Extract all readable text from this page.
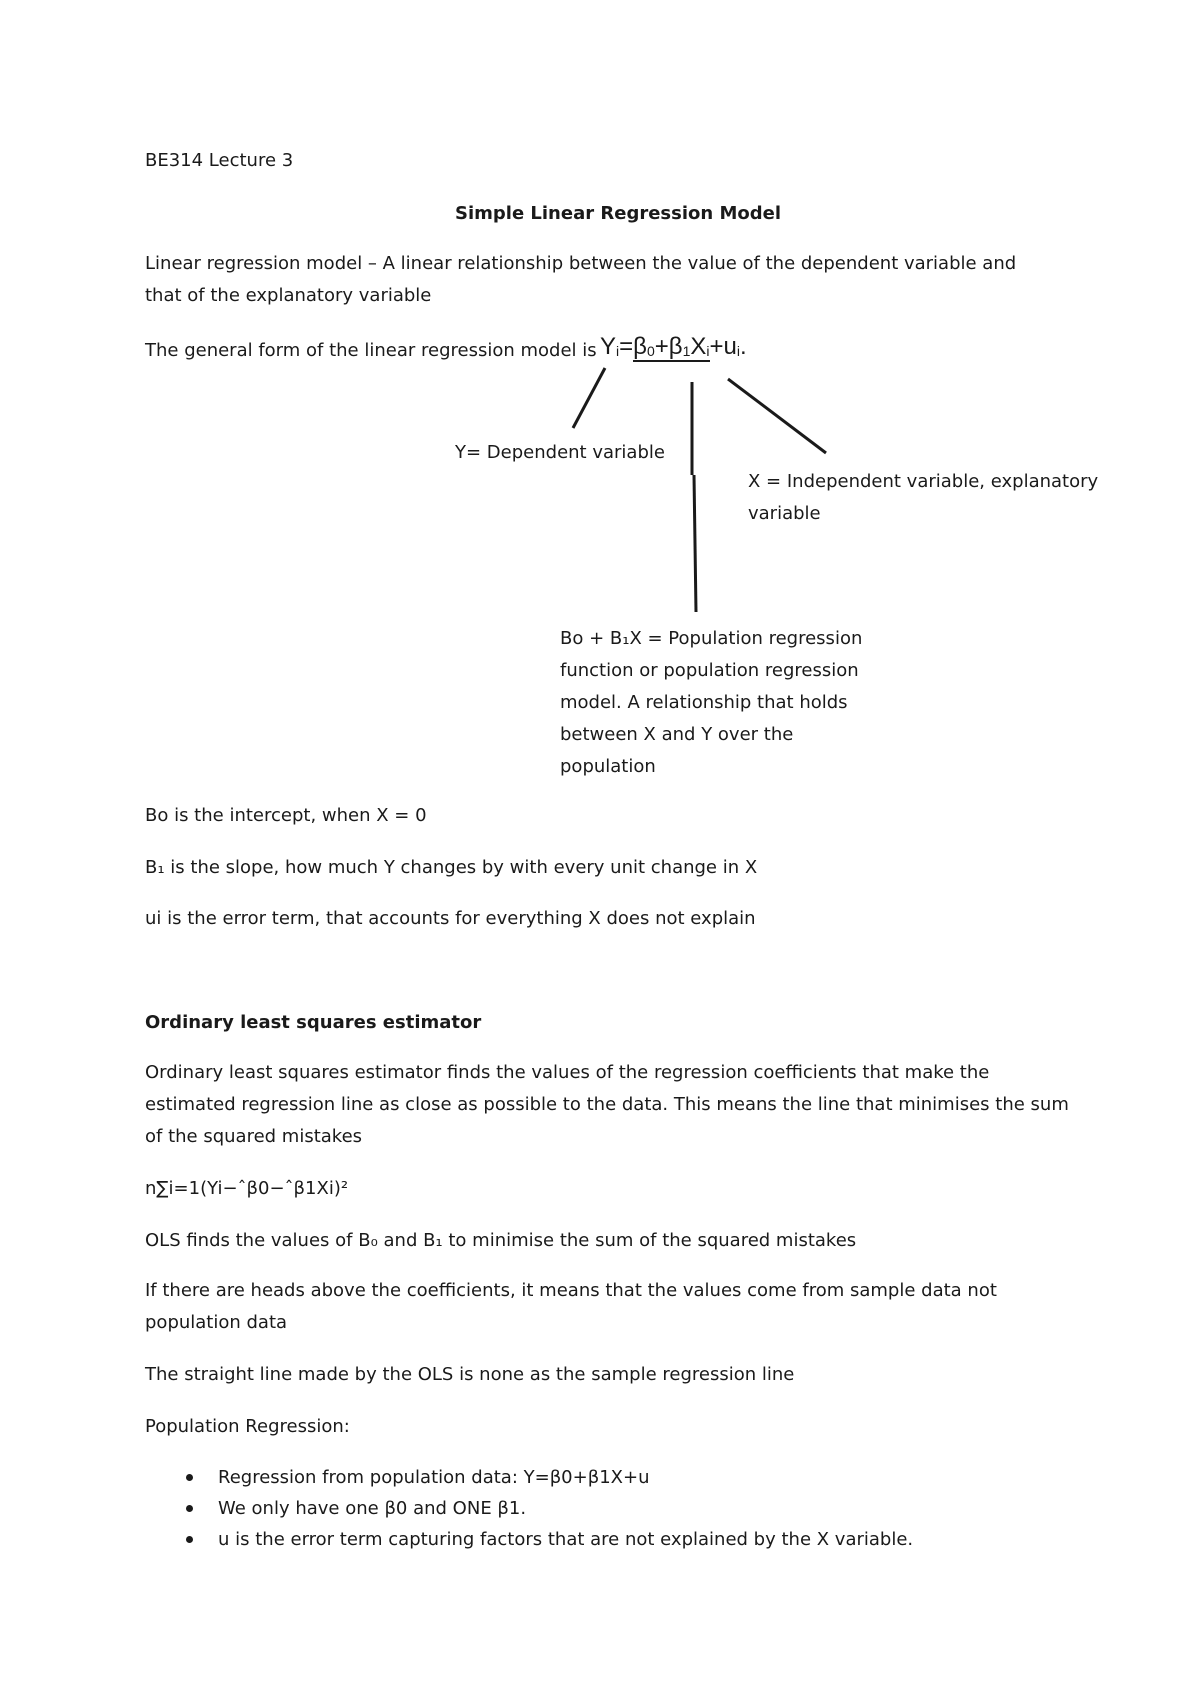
BE314 Lecture 3
Simple Linear Regression Model
Linear regression model – A linear relationship between the value of the dependent variable and
that of the explanatory variable
The general form of the linear regression model is $Y_i=\beta_0+\beta_1X_i+u_i$.
Y= Dependent variable
X = Independent variable, explanatory
variable
Bo + B₁X = Population regression
function or population regression
model. A relationship that holds
between X and Y over the
population
Bo is the intercept, when X = 0
B₁ is the slope, how much Y changes by with every unit change in X
ui is the error term, that accounts for everything X does not explain
Ordinary least squares estimator
Ordinary least squares estimator finds the values of the regression coefficients that make the
estimated regression line as close as possible to the data. This means the line that minimises the sum
of the squared mistakes
n∑i=1(Yi−ˆβ0−ˆβ1Xi)²
OLS finds the values of B₀ and B₁ to minimise the sum of the squared mistakes
If there are heads above the coefficients, it means that the values come from sample data not
population data
The straight line made by the OLS is none as the sample regression line
Population Regression:
Regression from population data: Y=β0+β1X+u
We only have one β0 and ONE β1.
u is the error term capturing factors that are not explained by the X variable.
